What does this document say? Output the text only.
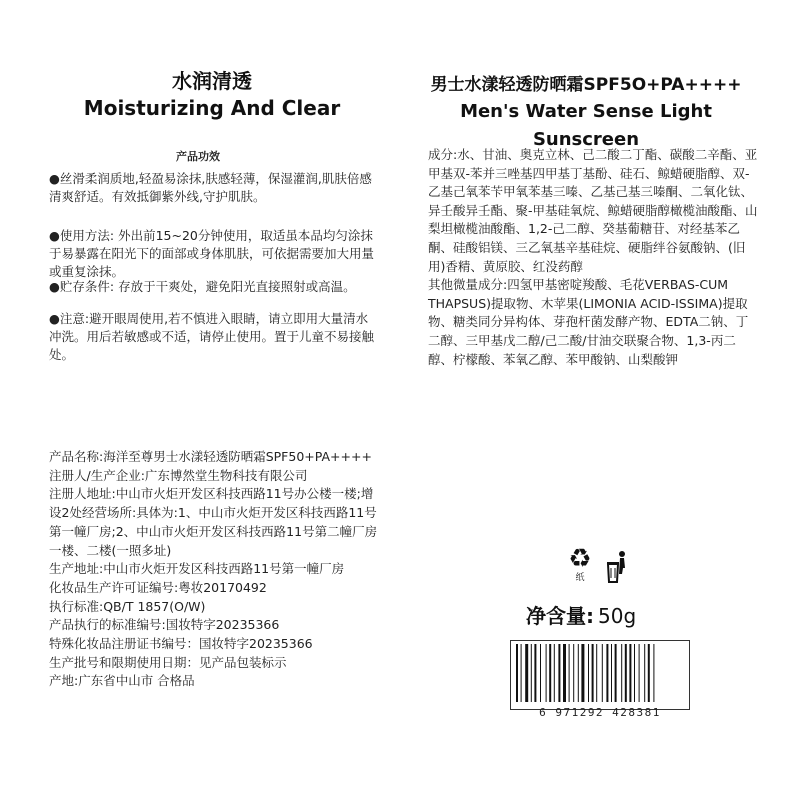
水润清透
Moisturizing And Clear
产品功效
●丝滑柔润质地,轻盈易涂抹,肤感轻薄，保湿灌润,肌肤倍感清爽舒适。有效抵御紫外线,守护肌肤。
●使用方法: 外出前15~20分钟使用，取适虽本品均匀涂抹于易暴露在阳光下的面部或身体肌肤，可依据需要加大用量或重复涂抹。
●贮存条件: 存放于干爽处，避免阳光直接照射或高温。
●注意:避开眼周使用,若不慎进入眼睛，请立即用大量清水冲洗。用后若敏感或不适，请停止使用。置于儿童不易接触处。

产品名称:海洋至尊男士水漾轻透防晒霜SPF50+PA++++

注册人/生产企业:广东博然堂生物科技有限公司

注册人地址:中山市火炬开发区科技西路11号办公楼一楼;增设2处经营场所:具体为:1、中山市火炬开发区科技西路11号第一幢厂房;2、中山市火炬开发区科技西路11号第二幢厂房一楼、二楼(一照多址)

生产地址:中山市火炬开发区科技西路11号第一幢厂房

化妆品生产许可证编号:粤妆20170492

执行标准:QB/T 1857(O/W)

产品执行的标准编号:国妆特字20235366

特殊化妆品注册证书编号：国妆特字20235366

生产批号和限期使用日期：见产品包装标示

产地:广东省中山市 合格品

男士水漾轻透防晒霜SPF5O+PA++++
Men's Water Sense Light Sunscreen

成分:水、甘油、奥克立林、己二酸二丁酯、碳酸二辛酯、亚甲基双-苯并三唑基四甲基丁基酚、硅石、鲸蜡硬脂醇、双-乙基己氧苯苄甲氧苯基三嗪、乙基己基三嗪酮、二氧化钛、异壬酸异壬酯、聚-甲基硅氧烷、鲸蜡硬脂醇橄榄油酸酯、山梨坦橄榄油酸酯、1,2-己二醇、癸基葡糖苷、对经基苯乙酮、硅酸铝镁、三乙氧基辛基硅烷、硬脂绊谷氨酸钠、(旧用)香精、黄原胶、红没药醇

其他微量成分:四氢甲基密啶羧酸、毛花VERBAS-CUM THAPSUS)提取物、木苹果(LIMONIA ACID-ISSIMA)提取物、糖类同分异构体、芽孢杆菌发酵产物、EDTA二钠、丁二醇、三甲基戊二醇/己二酸/甘油交联聚合物、1,3-丙二醇、柠檬酸、苯氧乙醇、苯甲酸钠、山梨酸钾

♻
纸
净含量: 50g
6 971292 428381
